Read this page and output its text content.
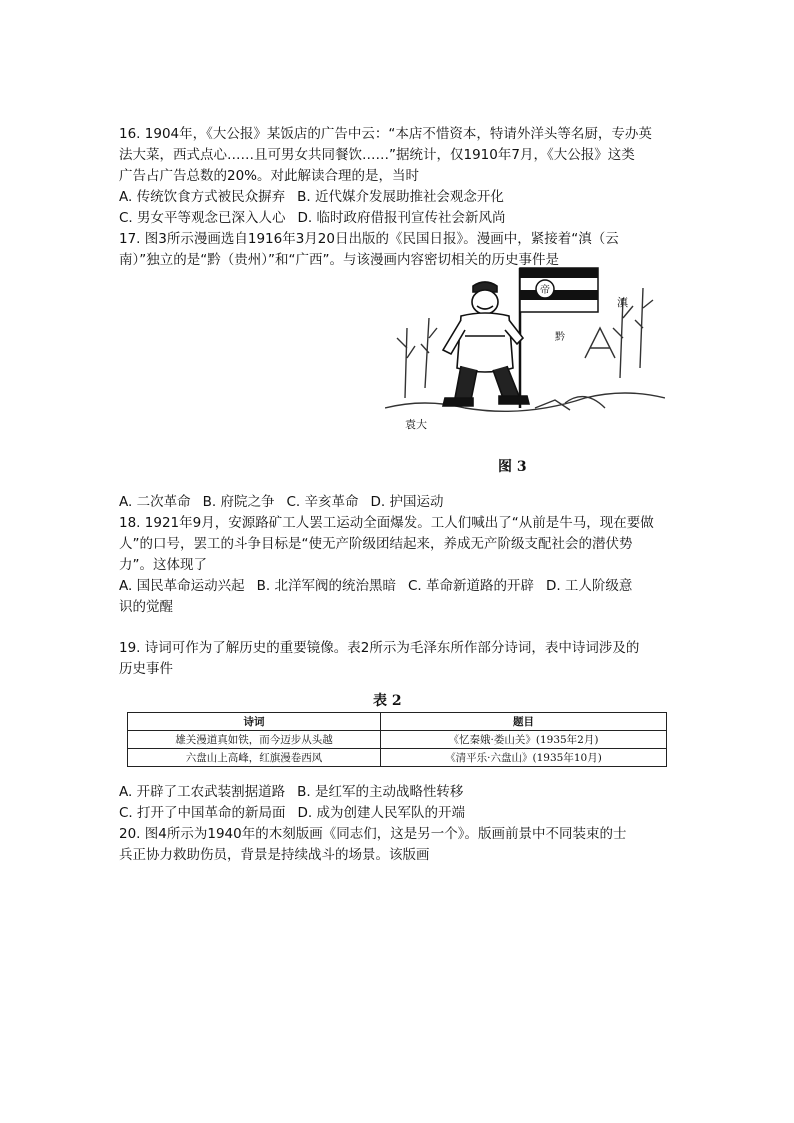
16. 1904年，《大公报》某饭店的广告中云：“本店不惜资本，特请外洋头等名厨，专办英
法大菜，西式点心……且可男女共同餐饮……”据统计，仅1910年7月，《大公报》这类
广告占广告总数的20%。对此解读合理的是，当时
A. 传统饮食方式被民众摒弃 B. 近代媒介发展助推社会观念开化
C. 男女平等观念已深入人心 D. 临时政府借报刊宣传社会新风尚
17. 图3所示漫画选自1916年3月20日出版的《民国日报》。漫画中，紧接着“滇（云
南）”独立的是“黔（贵州）”和“广西”。与该漫画内容密切相关的历史事件是
帝
袁大
滇
黔
图 3
A. 二次革命 B. 府院之争 C. 辛亥革命 D. 护国运动
18. 1921年9月，安源路矿工人罢工运动全面爆发。工人们喊出了“从前是牛马，现在要做
人”的口号，罢工的斗争目标是“使无产阶级团结起来，养成无产阶级支配社会的潜伏势
力”。这体现了
A. 国民革命运动兴起 B. 北洋军阀的统治黑暗 C. 革命新道路的开辟 D. 工人阶级意
识的觉醒
19. 诗词可作为了解历史的重要镜像。表2所示为毛泽东所作部分诗词，表中诗词涉及的
历史事件
表 2
诗词	题目
雄关漫道真如铁，而今迈步从头越	《忆秦娥·娄山关》(1935年2月)
六盘山上高峰，红旗漫卷西风	《清平乐·六盘山》(1935年10月)
A. 开辟了工农武装割据道路 B. 是红军的主动战略性转移
C. 打开了中国革命的新局面 D. 成为创建人民军队的开端
20. 图4所示为1940年的木刻版画《同志们，这是另一个》。版画前景中不同装束的士
兵正协力救助伤员，背景是持续战斗的场景。该版画
